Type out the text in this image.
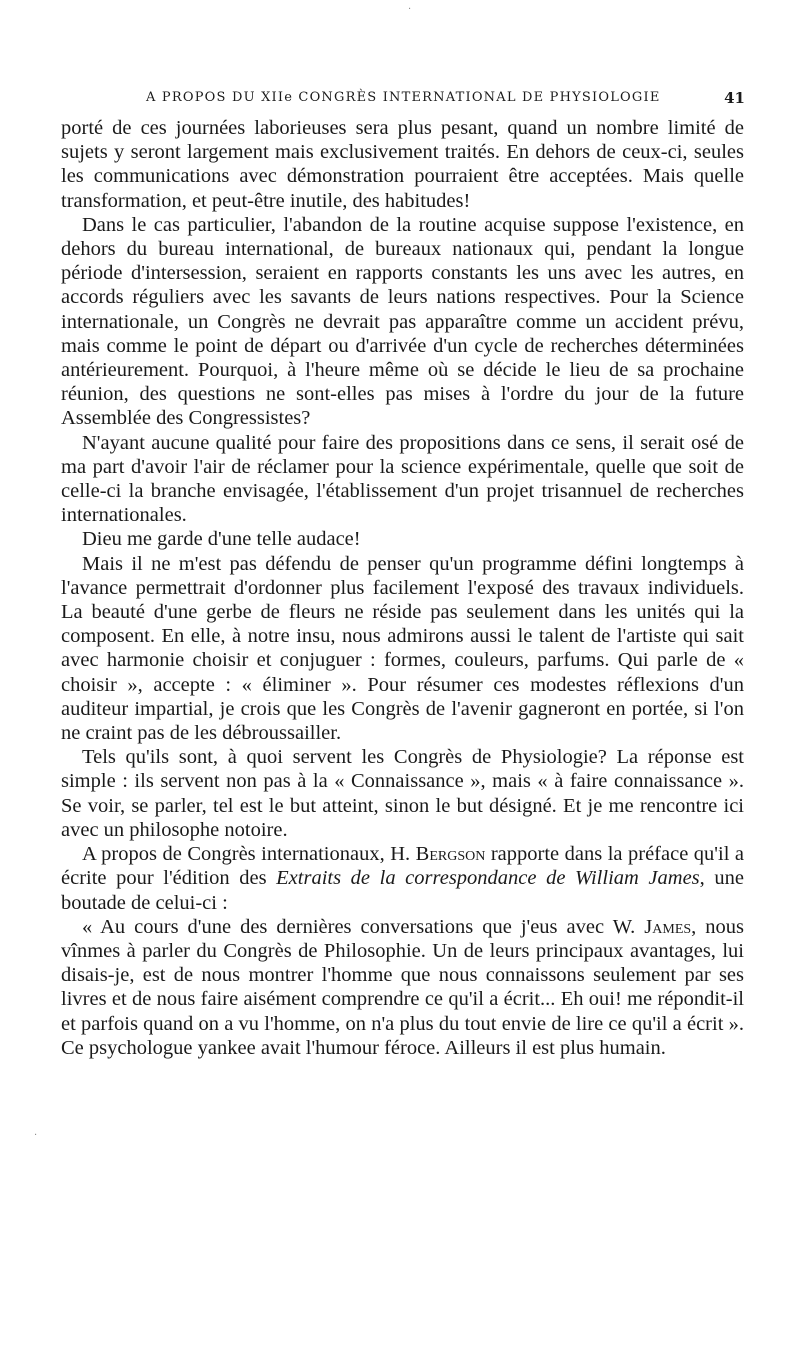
A PROPOS DU XIIe CONGRÈS INTERNATIONAL DE PHYSIOLOGIE	41

porté de ces journées laborieuses sera plus pesant, quand un nombre limité de sujets y seront largement mais exclusivement traités. En dehors de ceux-ci, seules les communications avec démonstration pourraient être acceptées. Mais quelle transformation, et peut-être inutile, des habitudes!

Dans le cas particulier, l'abandon de la routine acquise suppose l'existence, en dehors du bureau international, de bureaux nationaux qui, pendant la longue période d'intersession, seraient en rapports constants les uns avec les autres, en accords réguliers avec les savants de leurs nations respectives. Pour la Science internationale, un Congrès ne devrait pas apparaître comme un accident prévu, mais comme le point de départ ou d'arrivée d'un cycle de recherches déterminées antérieurement. Pourquoi, à l'heure même où se décide le lieu de sa prochaine réunion, des questions ne sont-elles pas mises à l'ordre du jour de la future Assemblée des Congressistes?

N'ayant aucune qualité pour faire des propositions dans ce sens, il serait osé de ma part d'avoir l'air de réclamer pour la science expérimentale, quelle que soit de celle-ci la branche envisagée, l'établissement d'un projet trisannuel de recherches internationales.

Dieu me garde d'une telle audace!

Mais il ne m'est pas défendu de penser qu'un programme défini longtemps à l'avance permettrait d'ordonner plus facilement l'exposé des travaux individuels. La beauté d'une gerbe de fleurs ne réside pas seulement dans les unités qui la composent. En elle, à notre insu, nous admirons aussi le talent de l'artiste qui sait avec harmonie choisir et conjuguer : formes, couleurs, parfums. Qui parle de « choisir », accepte : « éliminer ». Pour résumer ces modestes réflexions d'un auditeur impartial, je crois que les Congrès de l'avenir gagneront en portée, si l'on ne craint pas de les débroussailler.

Tels qu'ils sont, à quoi servent les Congrès de Physiologie? La réponse est simple : ils servent non pas à la « Connaissance », mais « à faire connaissance ». Se voir, se parler, tel est le but atteint, sinon le but désigné. Et je me rencontre ici avec un philosophe notoire.

A propos de Congrès internationaux, H. Bergson rapporte dans la préface qu'il a écrite pour l'édition des Extraits de la correspondance de William James, une boutade de celui-ci :

« Au cours d'une des dernières conversations que j'eus avec W. James, nous vînmes à parler du Congrès de Philosophie. Un de leurs principaux avantages, lui disais-je, est de nous montrer l'homme que nous connaissons seulement par ses livres et de nous faire aisément comprendre ce qu'il a écrit... Eh oui! me répondit-il et parfois quand on a vu l'homme, on n'a plus du tout envie de lire ce qu'il a écrit ». Ce psychologue yankee avait l'humour féroce. Ailleurs il est plus humain.

·
·
